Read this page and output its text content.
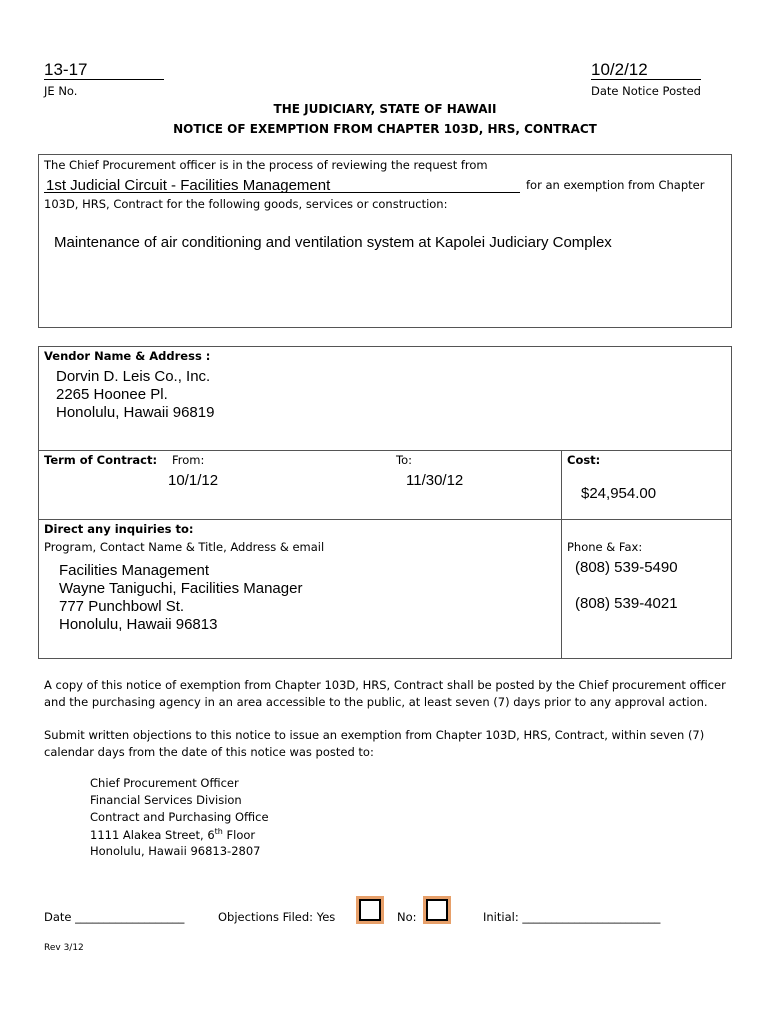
13-17
JE No.
10/2/12
Date Notice Posted
THE JUDICIARY, STATE OF HAWAII
NOTICE OF EXEMPTION FROM CHAPTER 103D, HRS, CONTRACT
The Chief Procurement officer is in the process of reviewing the request from
1st Judicial Circuit - Facilities Management	for an exemption from Chapter
103D, HRS, Contract for the following goods, services or construction:
Maintenance of air conditioning and ventilation system at Kapolei Judiciary Complex
Vendor Name & Address :
Dorvin D. Leis Co., Inc.
2265 Hoonee Pl.
Honolulu, Hawaii 96819
Term of Contract: From:
10/1/12
To:
11/30/12
Cost:
$24,954.00
Direct any inquiries to:
Program, Contact Name & Title, Address & email
Facilities Management
Wayne Taniguchi, Facilities Manager
777 Punchbowl St.
Honolulu, Hawaii 96813
Phone & Fax:
(808) 539-5490
(808) 539-4021
A copy of this notice of exemption from Chapter 103D, HRS, Contract shall be posted by the Chief procurement officer
and the purchasing agency in an area accessible to the public, at least seven (7) days prior to any approval action.
Submit written objections to this notice to issue an exemption from Chapter 103D, HRS, Contract, within seven (7)
calendar days from the date of this notice was posted to:
Chief Procurement Officer
Financial Services Division
Contract and Purchasing Office
1111 Alakea Street, 6th Floor
Honolulu, Hawaii 96813-2807
Date ___________________	Objections Filed: Yes	No:	Initial: ________________________
Rev 3/12
